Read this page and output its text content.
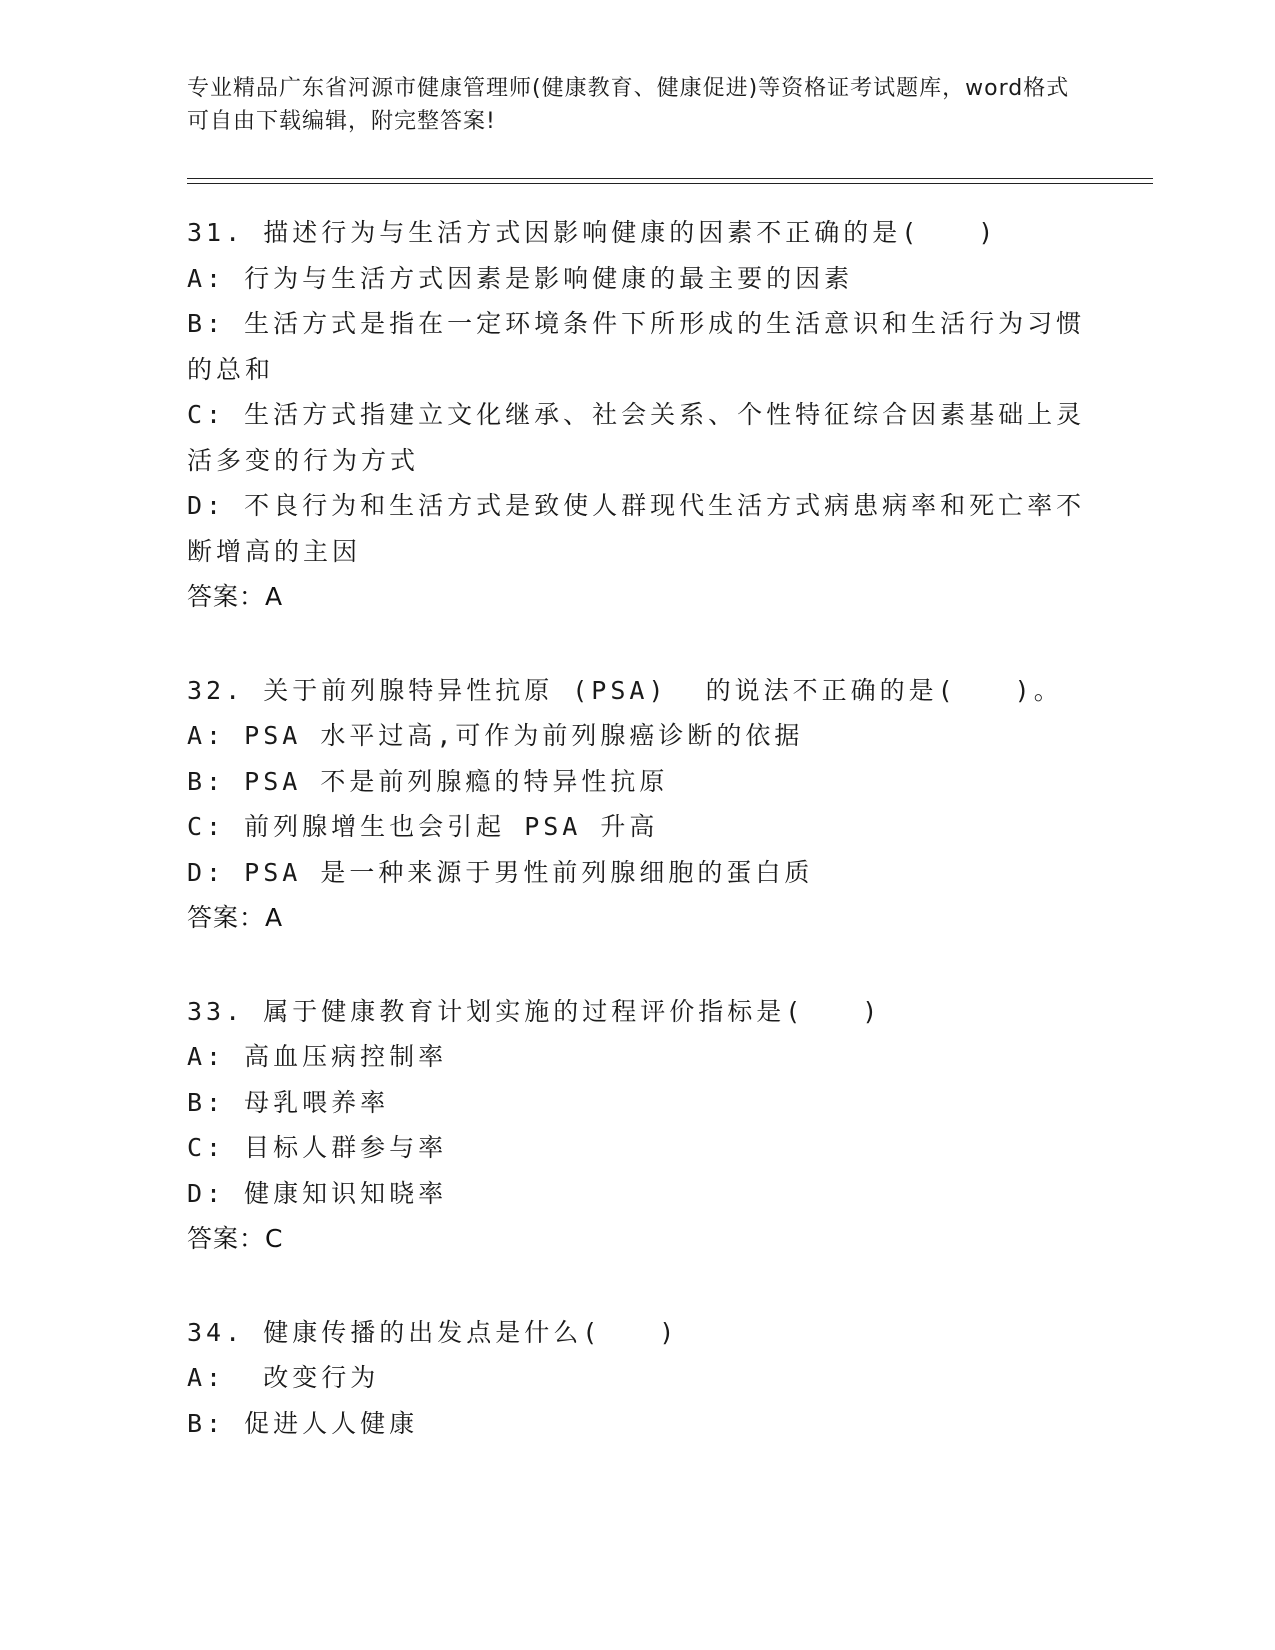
专业精品广东省河源市健康管理师(健康教育、健康促进)等资格证考试题库，word格式可自由下载编辑，附完整答案!
31. 描述行为与生活方式因影响健康的因素不正确的是(　　)
A: 行为与生活方式因素是影响健康的最主要的因素
B: 生活方式是指在一定环境条件下所形成的生活意识和生活行为习惯的总和
C: 生活方式指建立文化继承、社会关系、个性特征综合因素基础上灵活多变的行为方式
D: 不良行为和生活方式是致使人群现代生活方式病患病率和死亡率不断增高的主因
答案：A
32. 关于前列腺特异性抗原 (PSA)  的说法不正确的是(　　)。
A: PSA 水平过高,可作为前列腺癌诊断的依据
B: PSA 不是前列腺瘾的特异性抗原
C: 前列腺增生也会引起 PSA 升高
D: PSA 是一种来源于男性前列腺细胞的蛋白质
答案：A
33. 属于健康教育计划实施的过程评价指标是(　　)
A: 高血压病控制率
B: 母乳喂养率
C: 目标人群参与率
D: 健康知识知晓率
答案：C
34. 健康传播的出发点是什么(　　)
A:  改变行为
B: 促进人人健康
